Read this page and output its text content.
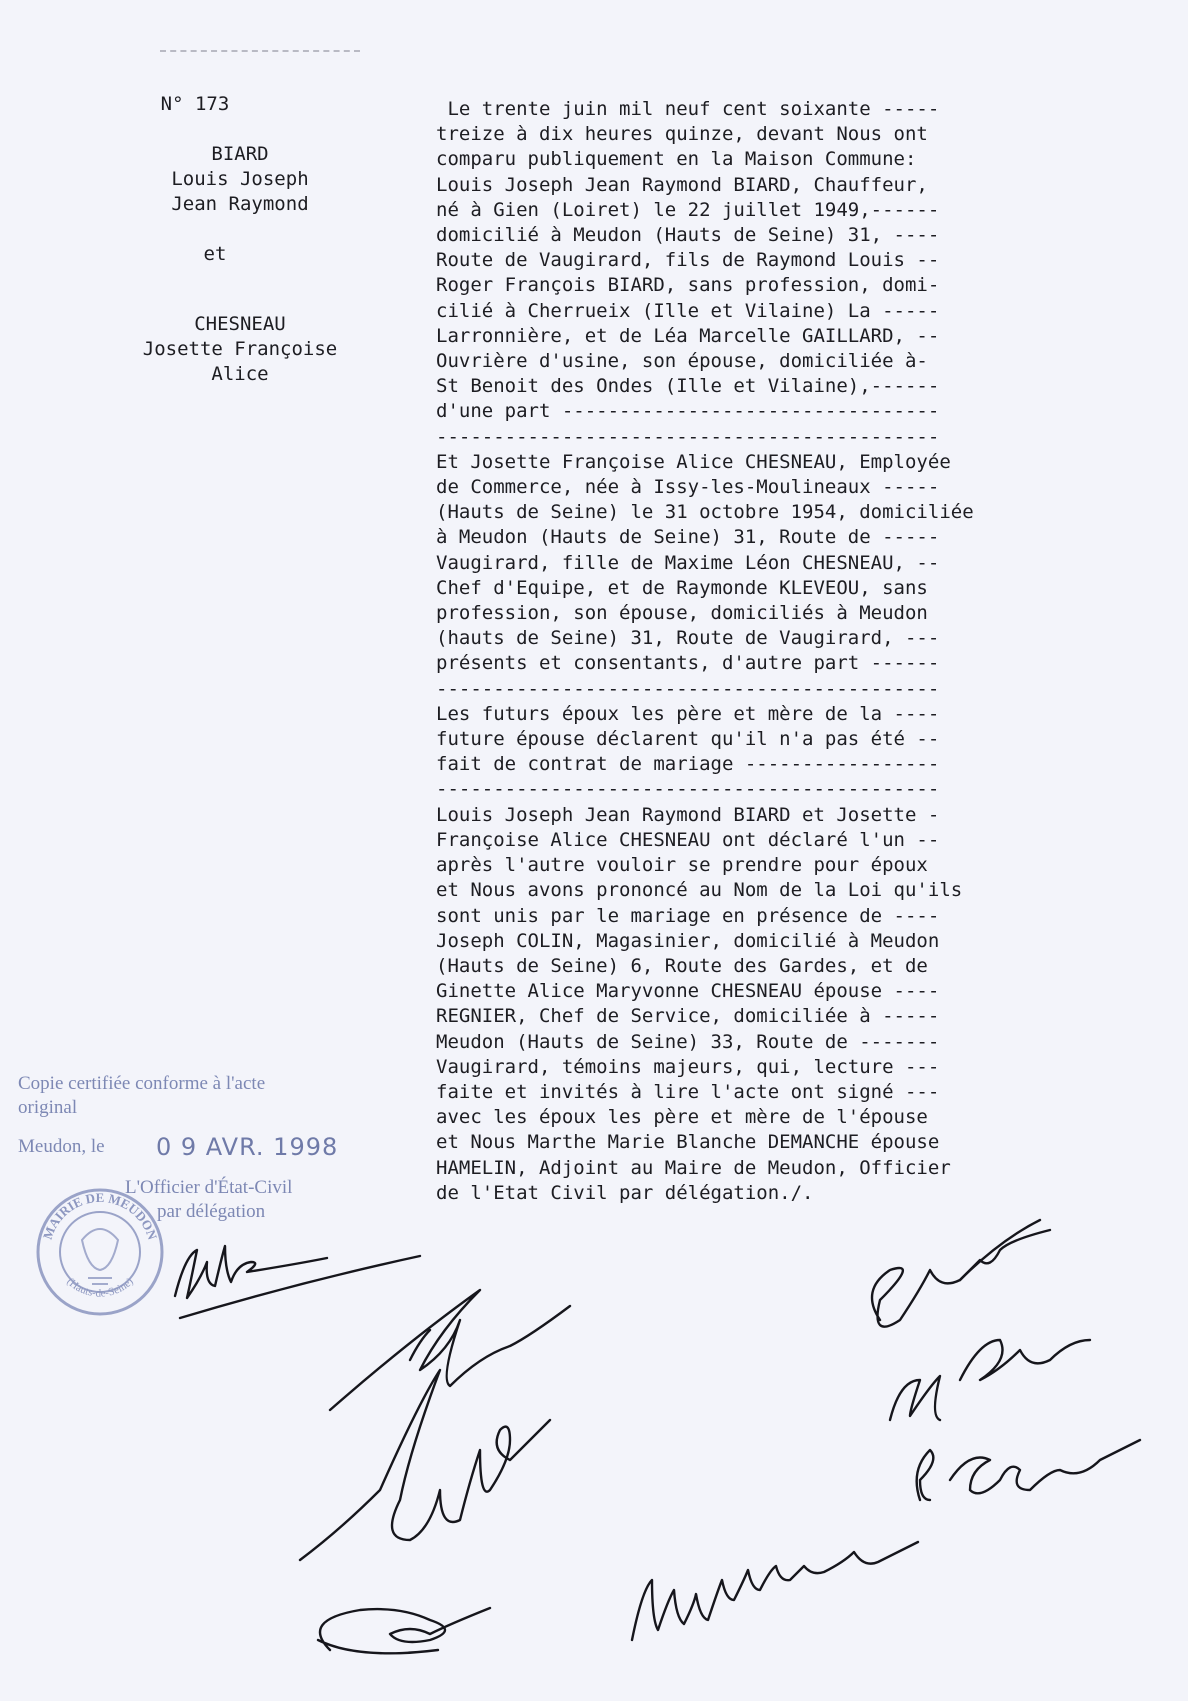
N° 173
BIARD
Louis Joseph
Jean Raymond
et
CHESNEAU
Josette Françoise
Alice
Le trente juin mil neuf cent soixante -----
treize à dix heures quinze, devant Nous ont
comparu publiquement en la Maison Commune:
Louis Joseph Jean Raymond BIARD, Chauffeur,
né à Gien (Loiret) le 22 juillet 1949,------
domicilié à Meudon (Hauts de Seine) 31, ----
Route de Vaugirard, fils de Raymond Louis --
Roger François BIARD, sans profession, domi-
cilié à Cherrueix (Ille et Vilaine) La -----
Larronnière, et de Léa Marcelle GAILLARD, --
Ouvrière d'usine, son épouse, domiciliée à-
St Benoit des Ondes (Ille et Vilaine),------
d'une part ---------------------------------
--------------------------------------------
Et Josette Françoise Alice CHESNEAU, Employée
de Commerce, née à Issy-les-Moulineaux -----
(Hauts de Seine) le 31 octobre 1954, domiciliée
à Meudon (Hauts de Seine) 31, Route de -----
Vaugirard, fille de Maxime Léon CHESNEAU, --
Chef d'Equipe, et de Raymonde KLEVEOU, sans
profession, son épouse, domiciliés à Meudon
(hauts de Seine) 31, Route de Vaugirard, ---
présents et consentants, d'autre part ------
--------------------------------------------
Les futurs époux les père et mère de la ----
future épouse déclarent qu'il n'a pas été --
fait de contrat de mariage -----------------
--------------------------------------------
Louis Joseph Jean Raymond BIARD et Josette -
Françoise Alice CHESNEAU ont déclaré l'un --
après l'autre vouloir se prendre pour époux
et Nous avons prononcé au Nom de la Loi qu'ils
sont unis par le mariage en présence de ----
Joseph COLIN, Magasinier, domicilié à Meudon
(Hauts de Seine) 6, Route des Gardes, et de
Ginette Alice Maryvonne CHESNEAU épouse ----
REGNIER, Chef de Service, domiciliée à -----
Meudon (Hauts de Seine) 33, Route de -------
Vaugirard, témoins majeurs, qui, lecture ---
faite et invités à lire l'acte ont signé ---
avec les époux les père et mère de l'épouse
et Nous Marthe Marie Blanche DEMANCHE épouse
HAMELIN, Adjoint au Maire de Meudon, Officier
de l'Etat Civil par délégation./.
Copie certifiée conforme à l'acte
original
Meudon, le 0 9 AVR. 1998
L'Officier d'État-Civil
par délégation
MAIRIE DE MEUDON
(Hauts-de-Seine)
